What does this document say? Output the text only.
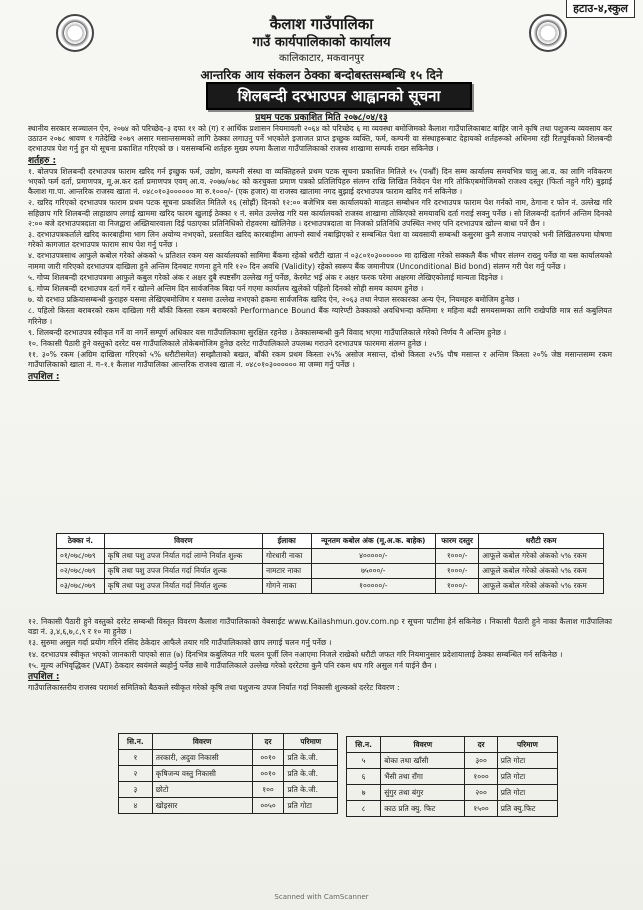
हटाउ-४,स्कुल
कैलाश गाउँपालिका
गाउँ कार्यपालिकाको कार्यालय
कालिकाटार, मकवानपुर
आन्तरिक आय संकलन ठेक्का बन्दोबस्तसम्बन्धि १५ दिने
शिलबन्दी दरभाउपत्र आह्वानको सूचना
प्रथम पटक प्रकाशित मिति २०७८/०४/१३

स्थानीय सरकार सञ्चालन ऐन, २०७४ को परिच्छेद–३ दफा ११ को (ग) र आर्थिक प्रशासन नियमावली २०६४ को परिच्छेद ६ मा व्यवस्था बमोजिमको कैलाश गाउँपालिकाबाट बाहिर जाने कृषि तथा पशुजन्य व्यवसाय कर उठाउन २०७८ श्रावण १ गतेदेखि २०७९ असार मसान्तसम्मको लागि ठेक्का लगाउनु पर्ने भएकोले इजाजत प्राप्त इच्छुक व्यक्ति, फर्म, कम्पनी वा संस्थाहरूबाट देहायको शर्तहरूको अधिनमा रही रितपूर्वकको शिलबन्दी दरभाउपत्र पेश गर्नु हुन यो सूचना प्रकाशित गरिएको छ । यससम्बन्धि शर्तहरु मुख्य रुपमा कैलाश गाउँपालिकाको राजस्व शाखामा सम्पर्क राख्न सकिनेछ ।

शर्तहरु :

१. बोलपत्र शिलबन्दी दरभाउपत्र फाराम खरिद गर्न इच्छुक फर्म, उद्योग, कम्पनी संस्था वा व्यक्तिहरुले प्रथम पटक सूचना प्रकाशित मितिले १५ (पन्ध्रौं) दिन सम्म कार्यालय समयभित्र चालु आ.व. का लागि नविकरण भएको फर्म दर्ता, प्रमाणपत्र, मू.अ.कर दर्ता प्रमाणपत्र एवम् आ.व. २०७७/०७८ को करचुक्ता प्रमाण पत्रको प्रतिलिपिहरु संलग्न राखि लिखित निवेदन पेश गरि तोकिएबमोजिमको राजश्व दस्तुर (फिर्ता नहुने गरि) बुझाई कैलाश गा.पा. आन्तरिक राजस्व खाता नं. ०४८०१०३०००००० मा रु.१०००/- (एक हजार) वा राजस्व खातामा नगद बुझाई दरभाउपत्र फाराम खरिद गर्न सकिनेछ ।

२. खरिद गरिएको दरभाउपत्र फाराम प्रथम पटक सूचना प्रकाशित मितिले १६ (सोह्रौं) दिनको १२:०० बजेभित्र यस कार्यालयको मातहत सम्बोधन गरि दरभाउपत्र फाराम पेश गर्नको नाम, ठेगाना र फोन नं. उल्लेख गरि सहिछाप गरि शिलबन्दी लाहाछाप लगाई खाममा खरिद फारम खुलाई ठेक्का १ नं. समेत उल्लेख गरि यस कार्यालयको राजस्व शाखामा तोकिएको समयावधि दर्ता गराई सक्नु पर्नेछ । सो शिलबन्दी दर्तागर्न अन्तिम दिनको २:०० बजे दरभाउपत्रदाता वा निजद्वारा अख्तियारवाला दिई पठाएका प्रतिनिधिको रोहवरमा खोलिनेछ । दरभाउपत्रदाता वा निजको प्रतिनिधि उपस्थित नभए पनि दरभाउपत्र खोल्न बाधा पर्ने छैन ।

३. दरभाउपत्रकर्ताले खरिद कारबाहीमा भाग लिन अयोग्य नभएको, प्रस्तावित खरिद कारबाहीमा आफ्नो स्वार्थ नबाझिएको र सम्बन्धित पेशा वा व्यवसायी सम्बन्धी कसुरमा कुनै सजाय नपाएको भनी लिखितरुपमा घोषणा गरेको कागजात दरभाउपत्र फाराम साथ पेश गर्नु पर्नेछ ।

४. दरभाउपत्रसाथ आफुले कबोल गरेको अंकको ५ प्रतिशत रकम यस कार्यालयको सामिमा बैंकमा रहेको धरौटी खाता नं ०३८०१०३०००००० मा दाखिला गरेको सक्कलै बैंक भौचर संलग्न राख्नु पर्नेछ वा यस कार्यालयको नाममा जारी गरिएको दरभाउपत्र दाखिला हुने अन्तिम दिनबाट गणना हुने गरि १२० दिन अवधि (Validity) रहेको स्वरूप बैंक जमानीपत्र (Unconditional Bid bond) संलग्न गरी पेश गर्नु पर्नेछ ।

५. गोप्य शिलबन्दी दरभाउपत्रमा आफुले कबुल गरेको अंक र अक्षर दुबै स्पष्टसँग उल्लेख गर्नु पर्नेछ, केरमेट भई अंक र अक्षर फरक परेमा अक्षरमा लेखिएकोलाई मान्यता दिइनेछ ।

६. गोप्य शिलबन्दी दरभाउपत्र दर्ता गर्ने र खोल्ने अन्तिम दिन सार्वजनिक बिदा पर्न गएमा कार्यालय खुलेको पहिलो दिनको सोही समय कायम हुनेछ ।

७. यो दरभाउ प्रक्रियासम्बन्धी कुराहरु यसमा लेखिएबमोजिम र यसमा उल्लेख नभएको हकमा सार्वजनिक खरिद ऐन, २०६३ तथा नेपाल सरकारका अन्य ऐन, नियमहरु बमोजिम हुनेछ ।

८. पहिलो किस्ता बराबरको रकम दाखिला गरी बाँकी किस्ता रकम बराबरको Performance Bound बैंक ग्यारेण्टी ठेक्काको अवधिभन्दा कम्तिमा १ महिना बढी समयसम्मका लागि राखेपछि मात्र सर्त कबुलियत गरिनेछ ।

९. शिलबन्दी दरभाउपत्र स्वीकृत गर्ने वा नगर्ने सम्पूर्ण अधिकार यस गाउँपालिकामा सुरक्षित रहनेछ । ठेक्कासम्बन्धी कुनै विवाद भएमा गाउँपालिकाले गरेको निर्णय नै अन्तिम हुनेछ ।

१०. निकासी पैठारी हुने वस्तुको दररेट यस गाउँपालिकाले तोकेबमोजिम हुनेछ दररेट गाउँपालिकाले उपलब्ध गराउने दरभाउपत्र फारममा संलग्न हुनेछ ।

११. ३०% रकम (अग्रिम दाखिला गरिएको ५% धरौटीसमेत) सम्झौताको बखत, बाँकी रकम प्रथम किस्ता २५% असोज मसान्त, दोश्रो किस्ता २५% पौष मसान्त र अन्तिम किस्ता २०% जेष्ठ मसान्तसम्म रकम गाउँपालिकाको खाता नं. ग–१.१ कैलाश गाउँपालिका आन्तरिक राजश्व खाता नं. ०४८०१०३०००००० मा जम्मा गर्नु पर्नेछ ।

तपशिल :

ठेक्का नं.	विवरण	ईलाका	न्यूनतम कबोल अंक (मू.अ.क. बाहेक)	फारम दस्तुर	धरौटी रकम
०१/०७८/०७९	कृषि तथा पशु उपज निर्यात गर्दा लाग्ने निर्यात शुल्क	गोरधारी नाका	४०००००/-	१०००/-	आफूले कबोल गरेको अंकको ५% रकम
०२/०७८/०७९	कृषि तथा पशु उपज निर्यात गर्दा निर्यात शुल्क	नामटार नाका	७५०००/-	१०००/-	आफूले कबोल गरेको अंकको ५% रकम
०३/०७८/०७९	कृषि तथा पशु उपज निर्यात गर्दा निर्यात शुल्क	गोगने नाका	१०००००/-	१०००/-	आफूले कबोल गरेको अंकको ५% रकम

१२. निकासी पैठारी हुने वस्तुको दररेट सम्बन्धी विस्तृत विवरण कैलाश गाउँपालिकाको वेबसाईट www.Kailashmun.gov.com.np र सूचना पाटीमा हेर्न सकिनेछ । निकासी पैठारी हुने नाका कैलाश गाउँपालिका वडा नं. ३,४,६,७,८,९ र १० मा हुनेछ ।

१३. सुरुमा असुल गर्दा प्रयोग गरिने रसिद ठेकेदार आफैले तयार गरि गाउँपालिकाको छाप लगाई चलन गर्नु पर्नेछ ।

१४. दरभाउपत्र स्वीकृत भएको जानकारी पाएको सात (७) दिनभित्र कबुलियत गरि चलन पूर्जी लिन नआएमा निजले राखेको धरौटी जफत गरि नियमानुसार प्रदेशायालाई ठेक्का सम्बन्धित गर्न सकिनेछ ।

१५. मूल्य अभिवृद्धिकर (VAT) ठेकदार स्वयंमले ब्यहोर्नु पर्नेछ साथै गाउँपालिकाले उल्लेख गरेको दररेटमा कुनै पनि रकम थप गरि असुल गर्न पाईने छैन ।

तपशिल :

गाउँपालिकास्तरीय राजस्व परामर्श समितिको बैठकले स्वीकृत गरेको कृषि तथा पशुजन्य उपज निर्यात गर्दा निकासी शुल्कको दररेट विवरण :

सि.न.	विवरण	दर	परिमाण
१	तरकारी, अदुवा निकासी	००१०	प्रति के.जी.
२	कृषिजन्य वस्तु निकासी	००१०	प्रति के.जी.
३	छोटो	१००	प्रति के.जी.
४	खोइसार	००५०	प्रति गोटा
सि.न.	विवरण	दर	परिमाण
५	बोका तथा खाँसी	३००	प्रति गोटा
६	भैंसी तथा राँगा	१०००	प्रति गोटा
७	सुंगुर तथा बंगुर	२००	प्रति गोटा
८	काठ प्रति क्यु. फिट	१५००	प्रति क्यु.फिट
Scanned with CamScanner
